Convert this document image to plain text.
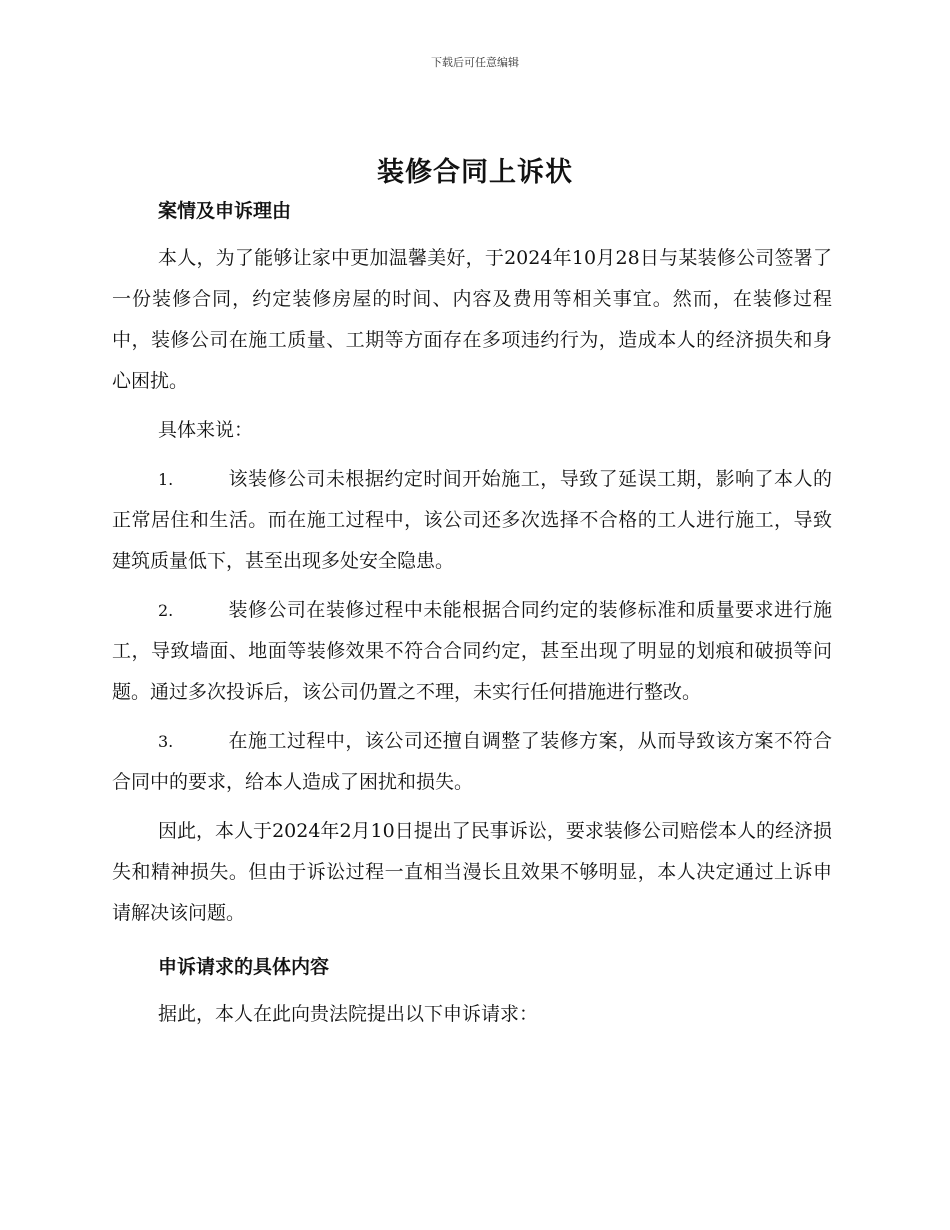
下载后可任意编辑
装修合同上诉状

案情及申诉理由

本人，为了能够让家中更加温馨美好，于2024年10月28日与某装修公司签署了一份装修合同，约定装修房屋的时间、内容及费用等相关事宜。然而，在装修过程中，装修公司在施工质量、工期等方面存在多项违约行为，造成本人的经济损失和身心困扰。

具体来说：

1.	该装修公司未根据约定时间开始施工，导致了延误工期，影响了本人的正常居住和生活。而在施工过程中，该公司还多次选择不合格的工人进行施工，导致建筑质量低下，甚至出现多处安全隐患。

2.	装修公司在装修过程中未能根据合同约定的装修标准和质量要求进行施工，导致墙面、地面等装修效果不符合合同约定，甚至出现了明显的划痕和破损等问题。通过多次投诉后，该公司仍置之不理，未实行任何措施进行整改。

3.	在施工过程中，该公司还擅自调整了装修方案，从而导致该方案不符合合同中的要求，给本人造成了困扰和损失。

因此，本人于2024年2月10日提出了民事诉讼，要求装修公司赔偿本人的经济损失和精神损失。但由于诉讼过程一直相当漫长且效果不够明显，本人决定通过上诉申请解决该问题。

申诉请求的具体内容

据此，本人在此向贵法院提出以下申诉请求：
